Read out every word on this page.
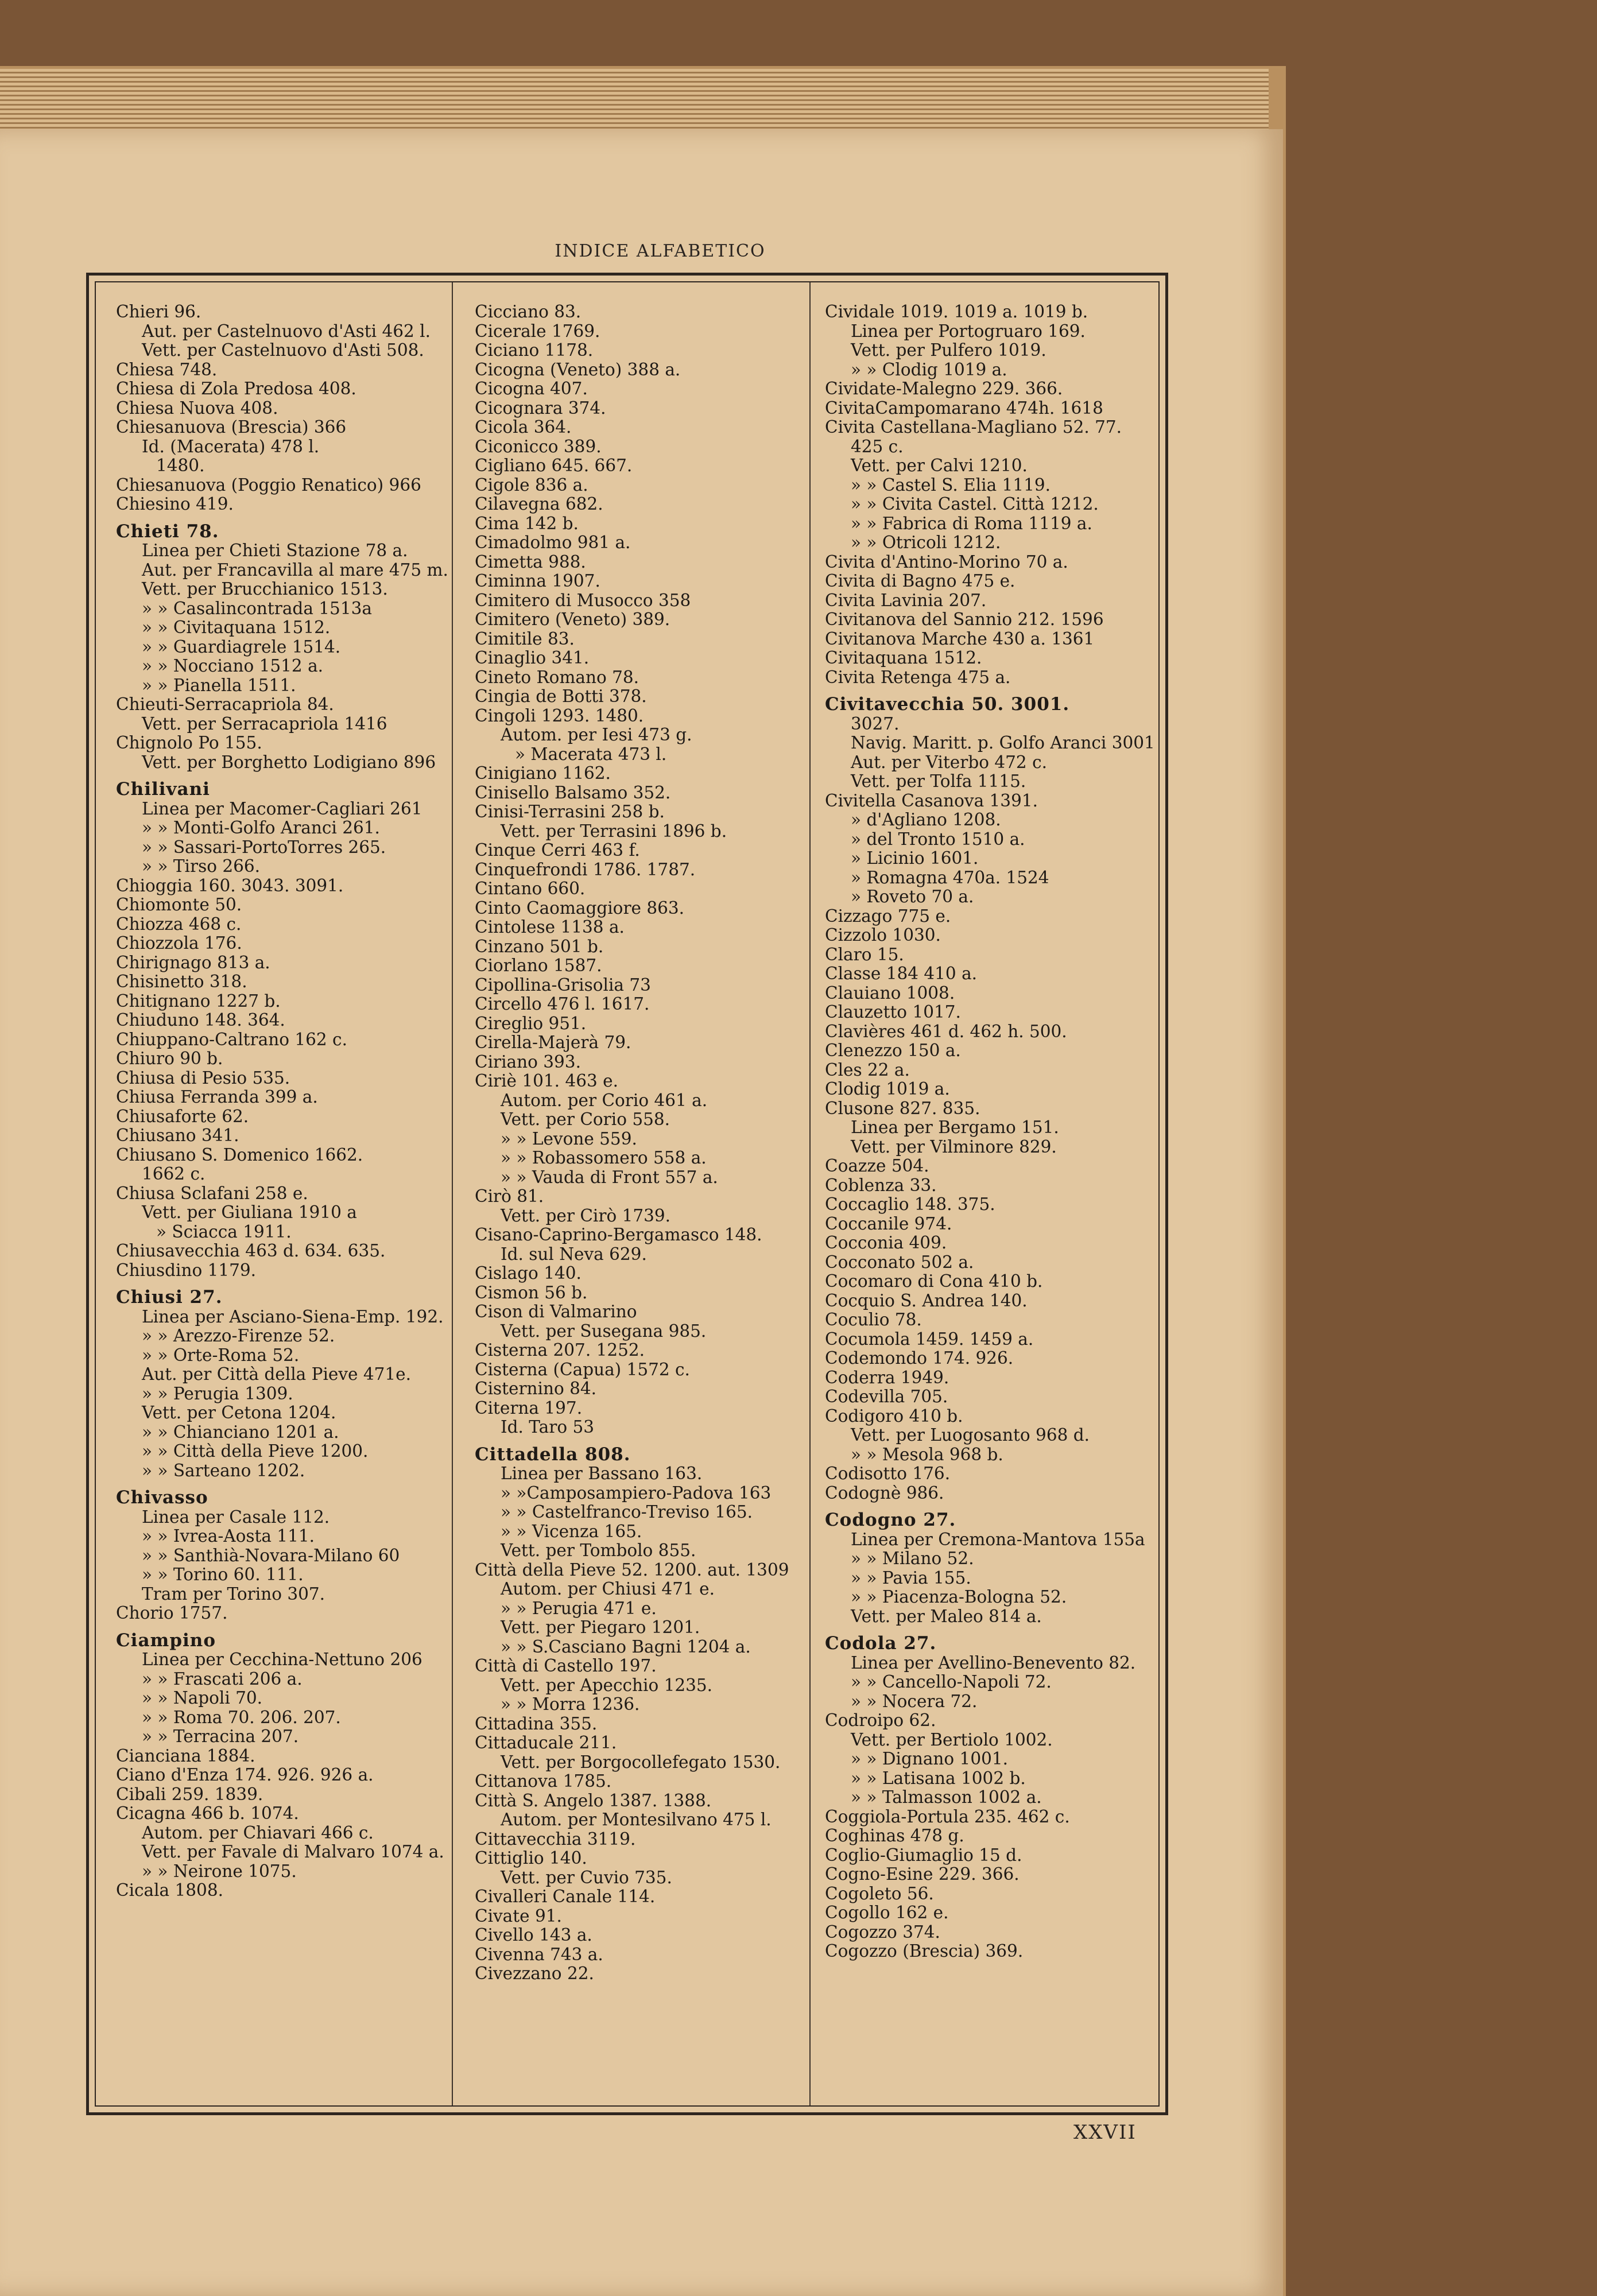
INDICE ALFABETICO
Chieri 96.
Aut. per Castelnuovo d'Asti 462 l.
Vett. per Castelnuovo d'Asti 508.
Chiesa 748.
Chiesa di Zola Predosa 408.
Chiesa Nuova 408.
Chiesanuova (Brescia) 366
Id. (Macerata) 478 l.
1480.
Chiesanuova (Poggio Renatico) 966
Chiesino 419.
Chieti 78.
Linea per Chieti Stazione 78 a.
Aut. per Francavilla al mare 475 m.
Vett. per Brucchianico 1513.
» » Casalincontrada 1513a
» » Civitaquana 1512.
» » Guardiagrele 1514.
» » Nocciano 1512 a.
» » Pianella 1511.
Chieuti-Serracapriola 84.
Vett. per Serracapriola 1416
Chignolo Po 155.
Vett. per Borghetto Lodigiano 896
Chilivani
Linea per Macomer-Cagliari 261
» » Monti-Golfo Aranci 261.
» » Sassari-PortoTorres 265.
» » Tirso 266.
Chioggia 160. 3043. 3091.
Chiomonte 50.
Chiozza 468 c.
Chiozzola 176.
Chirignago 813 a.
Chisinetto 318.
Chitignano 1227 b.
Chiuduno 148. 364.
Chiuppano-Caltrano 162 c.
Chiuro 90 b.
Chiusa di Pesio 535.
Chiusa Ferranda 399 a.
Chiusaforte 62.
Chiusano 341.
Chiusano S. Domenico 1662.
1662 c.
Chiusa Sclafani 258 e.
Vett. per Giuliana 1910 a
» Sciacca 1911.
Chiusavecchia 463 d. 634. 635.
Chiusdino 1179.
Chiusi 27.
Linea per Asciano-Siena-Emp. 192.
» » Arezzo-Firenze 52.
» » Orte-Roma 52.
Aut. per Città della Pieve 471e.
» » Perugia 1309.
Vett. per Cetona 1204.
» » Chianciano 1201 a.
» » Città della Pieve 1200.
» » Sarteano 1202.
Chivasso
Linea per Casale 112.
» » Ivrea-Aosta 111.
» » Santhià-Novara-Milano 60
» » Torino 60. 111.
Tram per Torino 307.
Chorio 1757.
Ciampino
Linea per Cecchina-Nettuno 206
» » Frascati 206 a.
» » Napoli 70.
» » Roma 70. 206. 207.
» » Terracina 207.
Cianciana 1884.
Ciano d'Enza 174. 926. 926 a.
Cibali 259. 1839.
Cicagna 466 b. 1074.
Autom. per Chiavari 466 c.
Vett. per Favale di Malvaro 1074 a.
» » Neirone 1075.
Cicala 1808.
Cicciano 83.
Cicerale 1769.
Ciciano 1178.
Cicogna (Veneto) 388 a.
Cicogna 407.
Cicognara 374.
Cicola 364.
Ciconicco 389.
Cigliano 645. 667.
Cigole 836 a.
Cilavegna 682.
Cima 142 b.
Cimadolmo 981 a.
Cimetta 988.
Ciminna 1907.
Cimitero di Musocco 358
Cimitero (Veneto) 389.
Cimitile 83.
Cinaglio 341.
Cineto Romano 78.
Cingia de Botti 378.
Cingoli 1293. 1480.
Autom. per Iesi 473 g.
» Macerata 473 l.
Cinigiano 1162.
Cinisello Balsamo 352.
Cinisi-Terrasini 258 b.
Vett. per Terrasini 1896 b.
Cinque Cerri 463 f.
Cinquefrondi 1786. 1787.
Cintano 660.
Cinto Caomaggiore 863.
Cintolese 1138 a.
Cinzano 501 b.
Ciorlano 1587.
Cipollina-Grisolia 73
Circello 476 l. 1617.
Cireglio 951.
Cirella-Majerà 79.
Ciriano 393.
Ciriè 101. 463 e.
Autom. per Corio 461 a.
Vett. per Corio 558.
» » Levone 559.
» » Robassomero 558 a.
» » Vauda di Front 557 a.
Cirò 81.
Vett. per Cirò 1739.
Cisano-Caprino-Bergamasco 148.
Id. sul Neva 629.
Cislago 140.
Cismon 56 b.
Cison di Valmarino
Vett. per Susegana 985.
Cisterna 207. 1252.
Cisterna (Capua) 1572 c.
Cisternino 84.
Citerna 197.
Id. Taro 53
Cittadella 808.
Linea per Bassano 163.
» »Camposampiero-Padova 163
» » Castelfranco-Treviso 165.
» » Vicenza 165.
Vett. per Tombolo 855.
Città della Pieve 52. 1200. aut. 1309
Autom. per Chiusi 471 e.
» » Perugia 471 e.
Vett. per Piegaro 1201.
» » S.Casciano Bagni 1204 a.
Città di Castello 197.
Vett. per Apecchio 1235.
» » Morra 1236.
Cittadina 355.
Cittaducale 211.
Vett. per Borgocollefegato 1530.
Cittanova 1785.
Città S. Angelo 1387. 1388.
Autom. per Montesilvano 475 l.
Cittavecchia 3119.
Cittiglio 140.
Vett. per Cuvio 735.
Civalleri Canale 114.
Civate 91.
Civello 143 a.
Civenna 743 a.
Civezzano 22.
Cividale 1019. 1019 a. 1019 b.
Linea per Portogruaro 169.
Vett. per Pulfero 1019.
» » Clodig 1019 a.
Cividate-Malegno 229. 366.
CivitaCampomarano 474h. 1618
Civita Castellana-Magliano 52. 77.
425 c.
Vett. per Calvi 1210.
» » Castel S. Elia 1119.
» » Civita Castel. Città 1212.
» » Fabrica di Roma 1119 a.
» » Otricoli 1212.
Civita d'Antino-Morino 70 a.
Civita di Bagno 475 e.
Civita Lavinia 207.
Civitanova del Sannio 212. 1596
Civitanova Marche 430 a. 1361
Civitaquana 1512.
Civita Retenga 475 a.
Civitavecchia 50. 3001.
3027.
Navig. Maritt. p. Golfo Aranci 3001
Aut. per Viterbo 472 c.
Vett. per Tolfa 1115.
Civitella Casanova 1391.
» d'Agliano 1208.
» del Tronto 1510 a.
» Licinio 1601.
» Romagna 470a. 1524
» Roveto 70 a.
Cizzago 775 e.
Cizzolo 1030.
Claro 15.
Classe 184 410 a.
Clauiano 1008.
Clauzetto 1017.
Clavières 461 d. 462 h. 500.
Clenezzo 150 a.
Cles 22 a.
Clodig 1019 a.
Clusone 827. 835.
Linea per Bergamo 151.
Vett. per Vilminore 829.
Coazze 504.
Coblenza 33.
Coccaglio 148. 375.
Coccanile 974.
Cocconia 409.
Cocconato 502 a.
Cocomaro di Cona 410 b.
Cocquio S. Andrea 140.
Coculio 78.
Cocumola 1459. 1459 a.
Codemondo 174. 926.
Coderra 1949.
Codevilla 705.
Codigoro 410 b.
Vett. per Luogosanto 968 d.
» » Mesola 968 b.
Codisotto 176.
Codognè 986.
Codogno 27.
Linea per Cremona-Mantova 155a
» » Milano 52.
» » Pavia 155.
» » Piacenza-Bologna 52.
Vett. per Maleo 814 a.
Codola 27.
Linea per Avellino-Benevento 82.
» » Cancello-Napoli 72.
» » Nocera 72.
Codroipo 62.
Vett. per Bertiolo 1002.
» » Dignano 1001.
» » Latisana 1002 b.
» » Talmasson 1002 a.
Coggiola-Portula 235. 462 c.
Coghinas 478 g.
Coglio-Giumaglio 15 d.
Cogno-Esine 229. 366.
Cogoleto 56.
Cogollo 162 e.
Cogozzo 374.
Cogozzo (Brescia) 369.
XXVII
